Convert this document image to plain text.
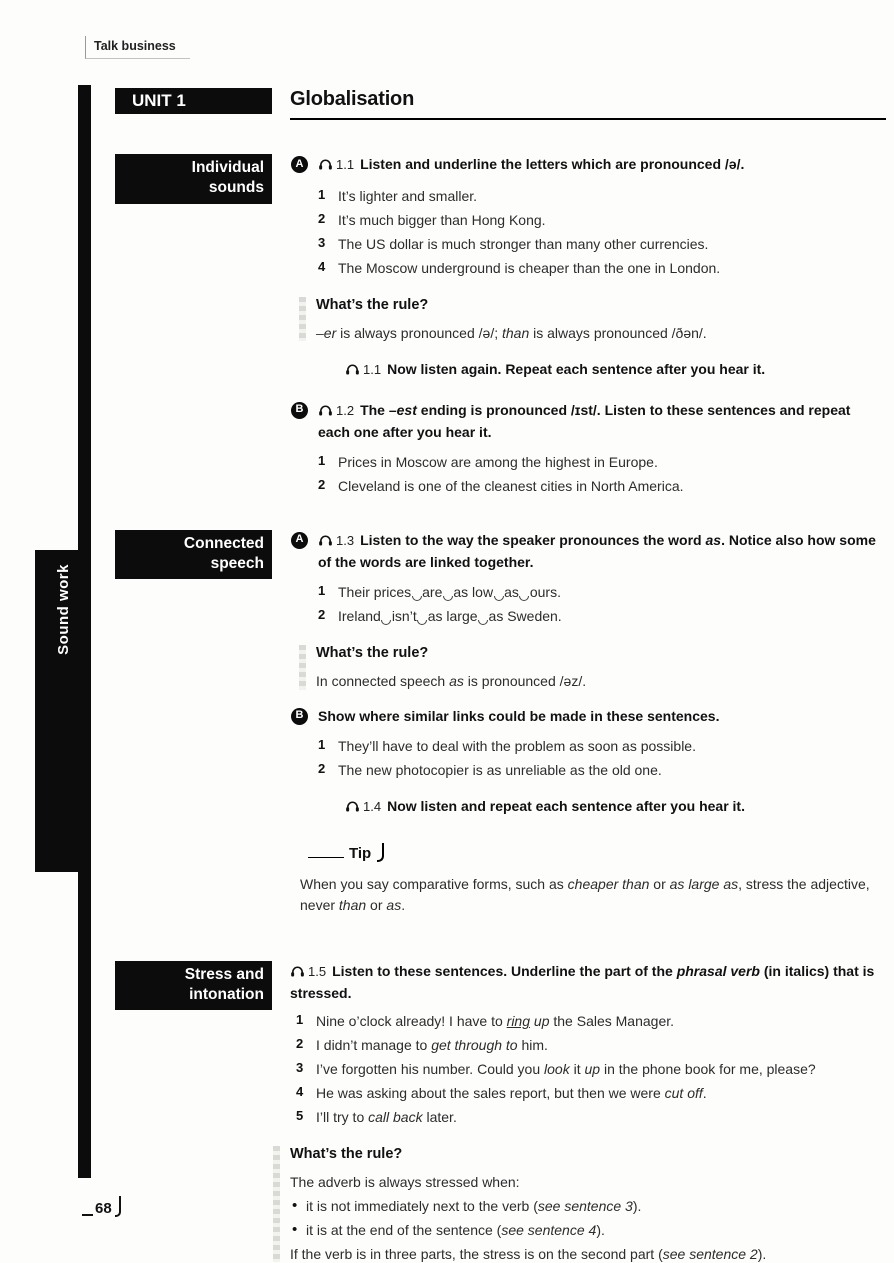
Talk business
Sound work
68
UNIT 1	Globalisation
Individual
sounds
A	1.1 Listen and underline the letters which are pronounced /ə/.

It’s lighter and smaller.
It’s much bigger than Hong Kong.
The US dollar is much stronger than many other currencies.
The Moscow underground is cheaper than the one in London.
What’s the rule?

–er is always pronounced /ə/; than is always pronounced /ðən/.

1.1 Now listen again. Repeat each sentence after you hear it.

B	1.2 The –est ending is pronounced /ɪst/. Listen to these sentences and repeat each one after you hear it.

Prices in Moscow are among the highest in Europe.
Cleveland is one of the cleanest cities in North America.
Connected
speech
A	1.3 Listen to the way the speaker pronounces the word as. Notice also how some of the words are linked together.

Their prices are as low as ours.
Ireland isn’t as large as Sweden.
What’s the rule?

In connected speech as is pronounced /əz/.

B	Show where similar links could be made in these sentences.

They’ll have to deal with the problem as soon as possible.
The new photocopier is as unreliable as the old one.

1.4 Now listen and repeat each sentence after you hear it.

Tip

When you say comparative forms, such as cheaper than or as large as, stress the adjective, never than or as.

Stress and
intonation

1.5 Listen to these sentences. Underline the part of the phrasal verb (in italics) that is stressed.

Nine o’clock already! I have to ring up the Sales Manager.
I didn’t manage to get through to him.
I’ve forgotten his number. Could you look it up in the phone book for me, please?
He was asking about the sales report, but then we were cut off.
I’ll try to call back later.
What’s the rule?

The adverb is always stressed when:

• it is not immediately next to the verb (see sentence 3).
• it is at the end of the sentence (see sentence 4).

If the verb is in three parts, the stress is on the second part (see sentence 2).
